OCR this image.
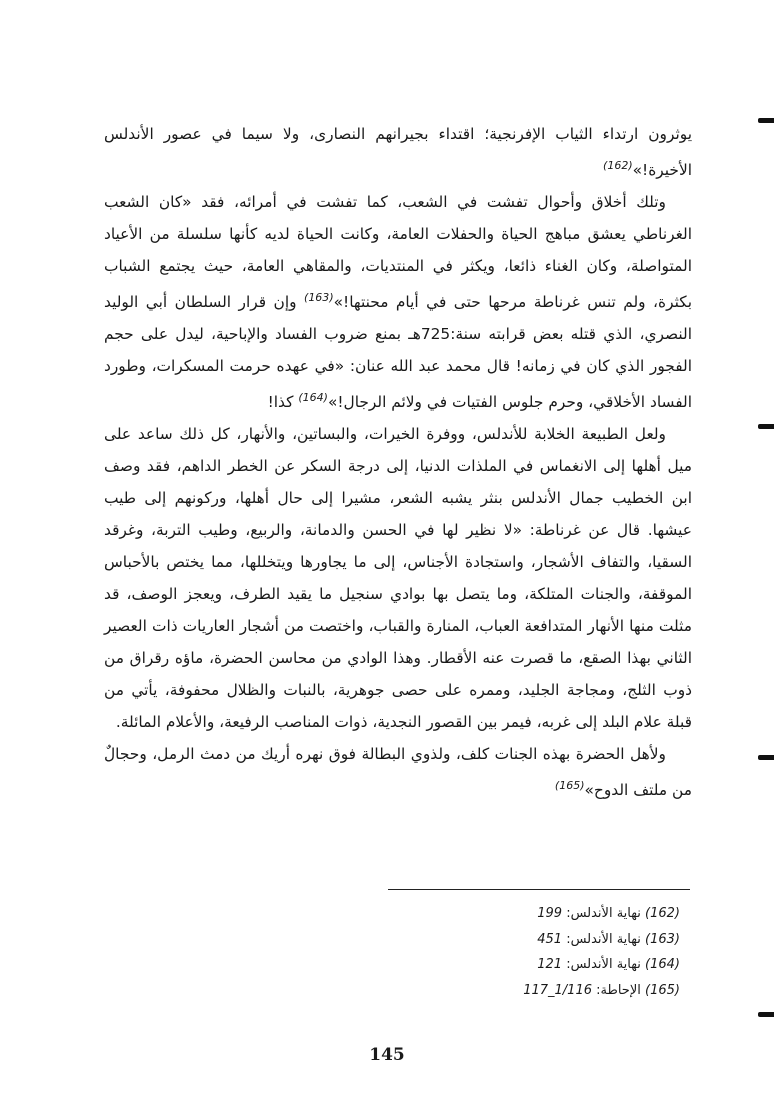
يوثرون ارتداء الثياب الإفرنجية؛ اقتداء بجيرانهم النصارى، ولا سيما في عصور الأندلس الأخيرة!»$^{(162)}$

وتلك أخلاق وأحوال تفشت في الشعب، كما تفشت في أمرائه، فقد «كان الشعب الغرناطي يعشق مباهج الحياة والحفلات العامة، وكانت الحياة لديه كأنها سلسلة من الأعياد المتواصلة، وكان الغناء ذائعا، ويكثر في المنتديات، والمقاهي العامة، حيث يجتمع الشباب بكثرة، ولم تنس غرناطة مرحها حتى في أيام محنتها!»$^{(163)}$ وإن قرار السلطان أبي الوليد النصري، الذي قتله بعض قرابته سنة:725هـ بمنع ضروب الفساد والإباحية، ليدل على حجم الفجور الذي كان في زمانه! قال محمد عبد الله عنان: «في عهده حرمت المسكرات، وطورد الفساد الأخلاقي، وحرم جلوس الفتيات في ولائم الرجال!»$^{(164)}$ كذا!

ولعل الطبيعة الخلابة للأندلس، ووفرة الخيرات، والبساتين، والأنهار، كل ذلك ساعد على ميل أهلها إلى الانغماس في الملذات الدنيا، إلى درجة السكر عن الخطر الداهم، فقد وصف ابن الخطيب جمال الأندلس بنثر يشبه الشعر، مشيرا إلى حال أهلها، وركونهم إلى طيب عيشها. قال عن غرناطة: «لا نظير لها في الحسن والدمانة، والربيع، وطيب التربة، وغرقد السقيا، والتفاف الأشجار، واستجادة الأجناس، إلى ما يجاورها ويتخللها، مما يختص بالأحباس الموقفة، والجنات المتلكة، وما يتصل بها بوادي سنجيل ما يقيد الطرف، ويعجز الوصف، قد مثلت منها الأنهار المتدافعة العباب، المنارة والقباب، واختصت من أشجار العاريات ذات العصير الثاني بهذا الصقع، ما قصرت عنه الأقطار. وهذا الوادي من محاسن الحضرة، ماؤه رقراق من ذوب الثلج، ومجاجة الجليد، وممره على حصى جوهرية، بالنبات والظلال محفوفة، يأتي من قبلة علام البلد إلى غربه، فيمر بين القصور النجدية، ذوات المناصب الرفيعة، والأعلام المائلة.

ولأهل الحضرة بهذه الجنات كلف، ولذوي البطالة فوق نهره أريك من دمث الرمل، وحجالٌ من ملتف الدوح»$^{(165)}$

(162) نهاية الأندلس: 199
(163) نهاية الأندلس: 451
(164) نهاية الأندلس: 121
(165) الإحاطة: 1/116_117
145
